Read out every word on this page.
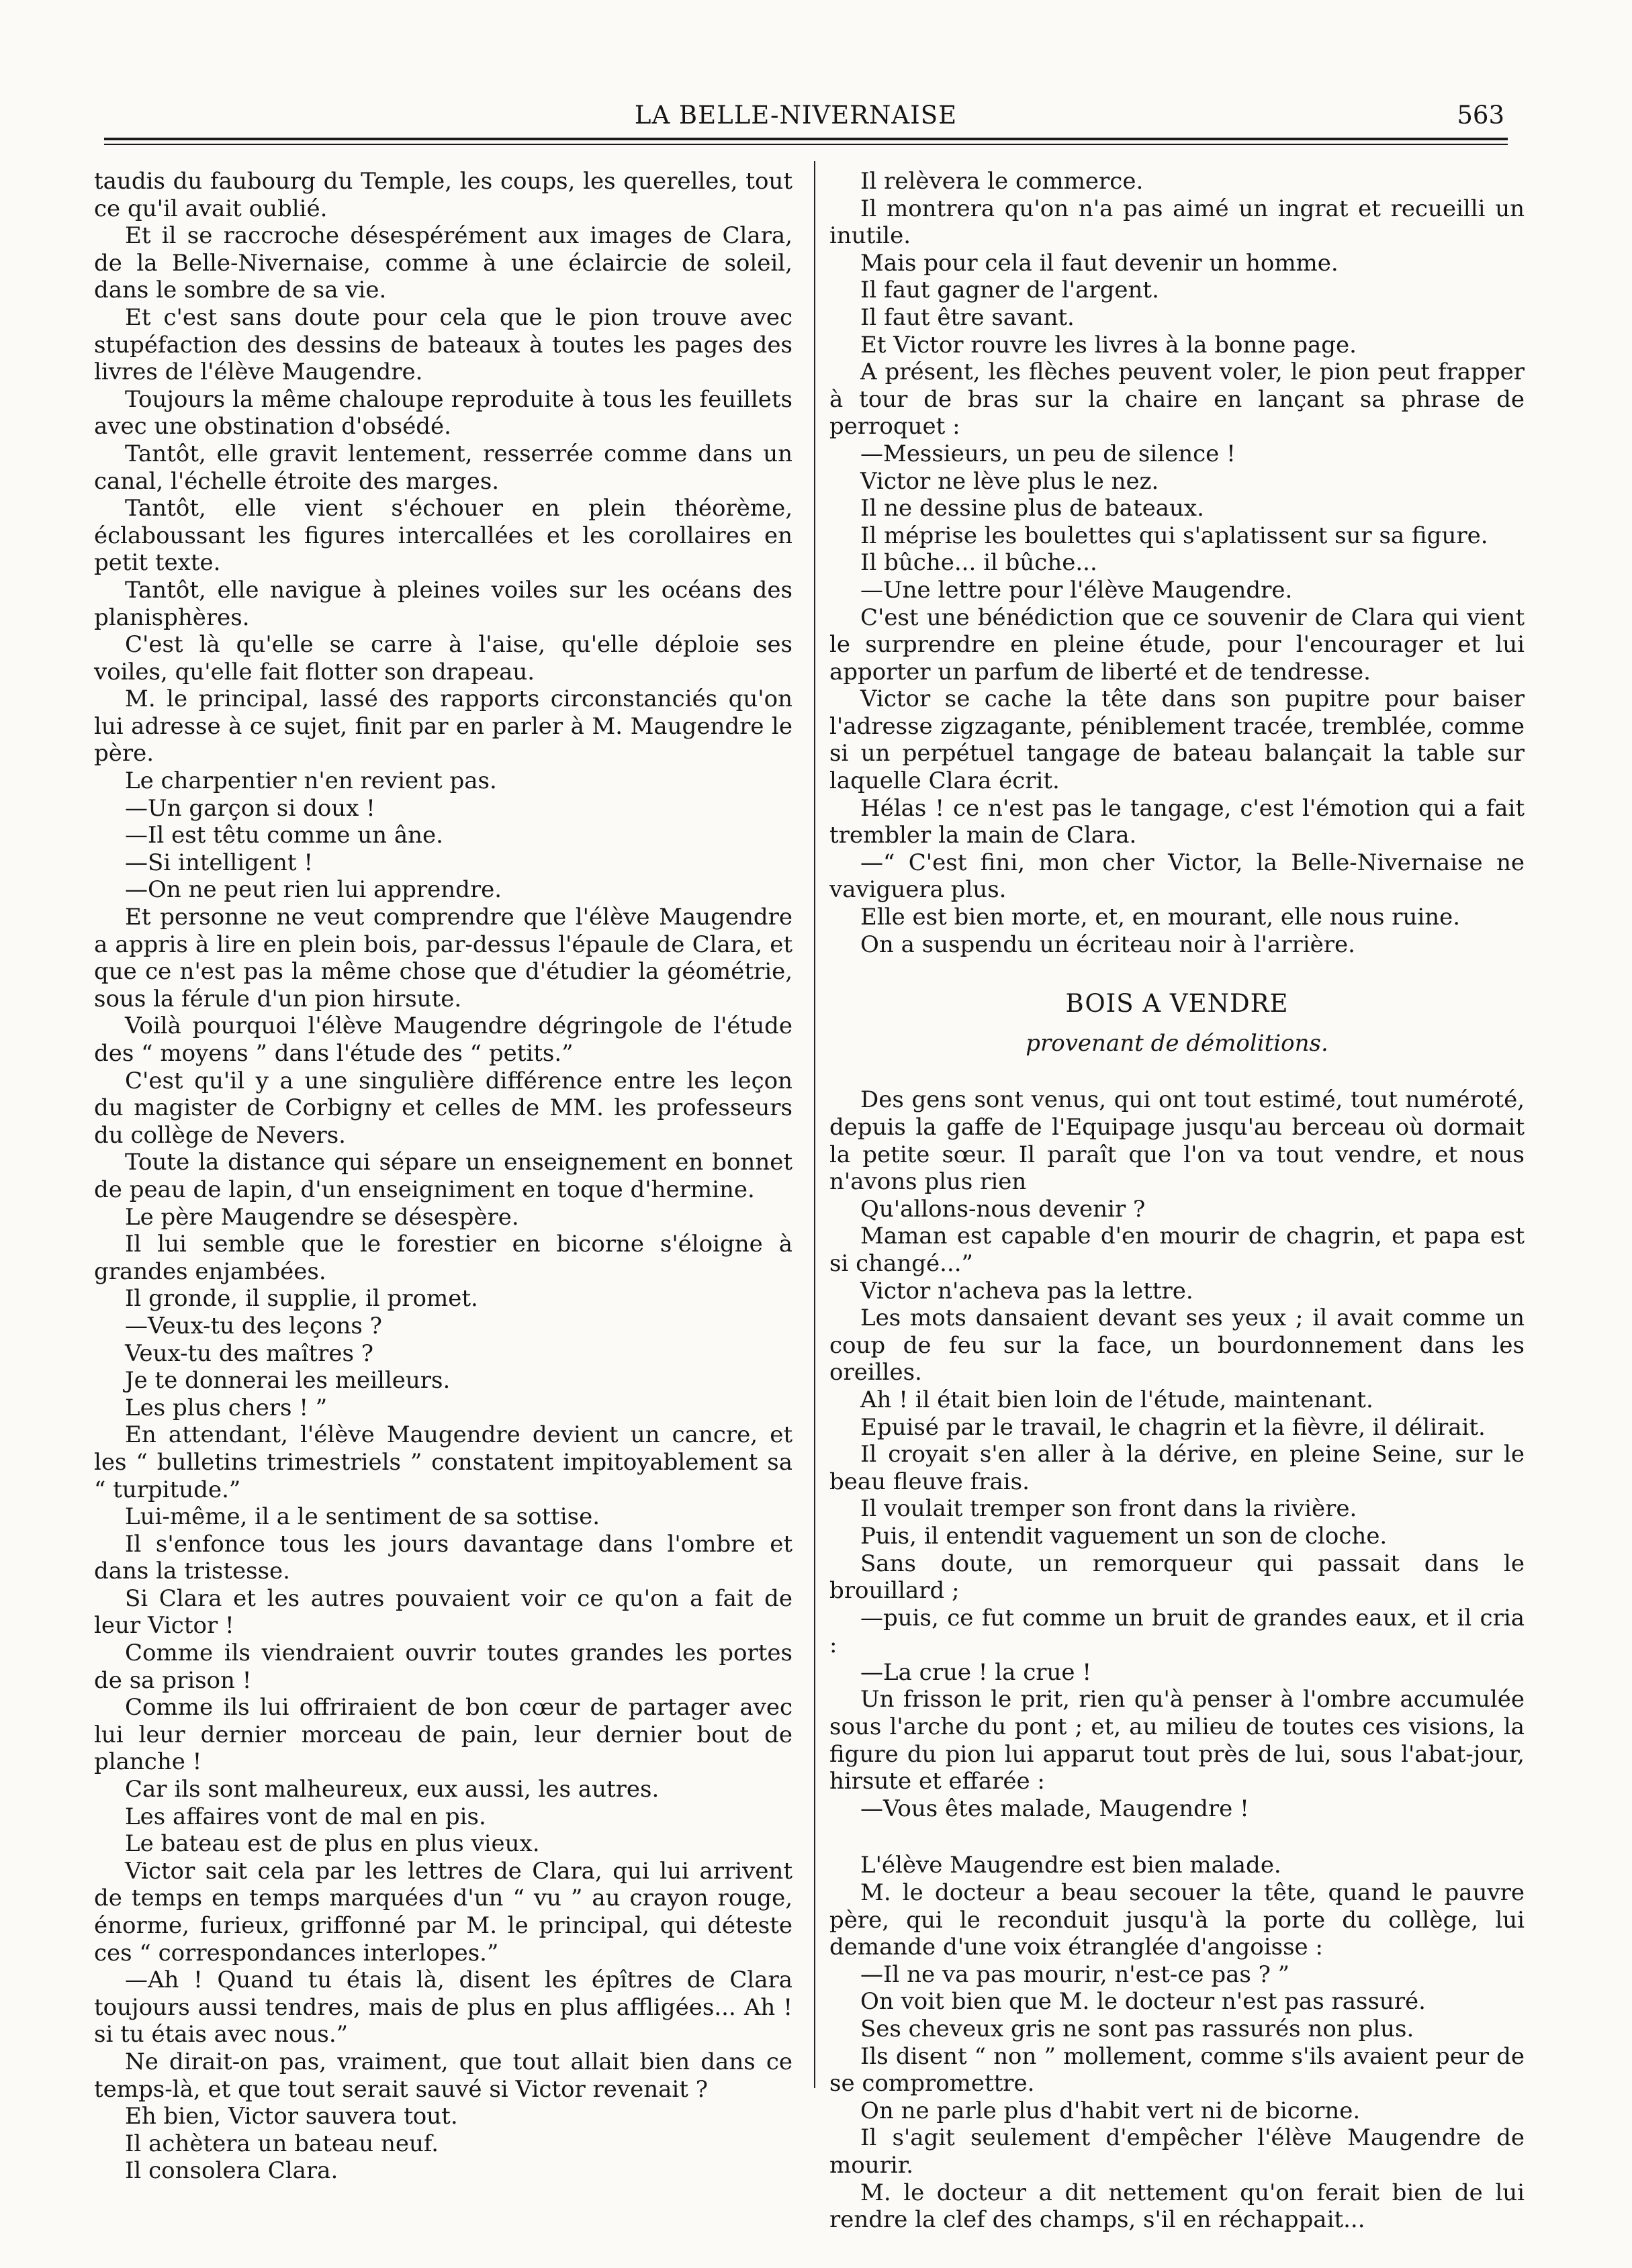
LA BELLE-NIVERNAISE	563

taudis du faubourg du Temple, les coups, les querelles, tout ce qu'il avait oublié.

Et il se raccroche désespérément aux images de Clara, de la Belle-Nivernaise, comme à une éclaircie de soleil, dans le sombre de sa vie.

Et c'est sans doute pour cela que le pion trouve avec stupéfaction des dessins de bateaux à toutes les pages des livres de l'élève Maugendre.

Toujours la même chaloupe reproduite à tous les feuillets avec une obstination d'obsédé.

Tantôt, elle gravit lentement, resserrée comme dans un canal, l'échelle étroite des marges.

Tantôt, elle vient s'échouer en plein théorème, éclaboussant les figures intercallées et les corollaires en petit texte.

Tantôt, elle navigue à pleines voiles sur les océans des planisphères.

C'est là qu'elle se carre à l'aise, qu'elle déploie ses voiles, qu'elle fait flotter son drapeau.

M. le principal, lassé des rapports circonstanciés qu'on lui adresse à ce sujet, finit par en parler à M. Maugendre le père.

Le charpentier n'en revient pas.

—Un garçon si doux !

—Il est têtu comme un âne.

—Si intelligent !

—On ne peut rien lui apprendre.

Et personne ne veut comprendre que l'élève Maugendre a appris à lire en plein bois, par-dessus l'épaule de Clara, et que ce n'est pas la même chose que d'étudier la géométrie, sous la férule d'un pion hirsute.

Voilà pourquoi l'élève Maugendre dégringole de l'étude des “ moyens ” dans l'étude des “ petits.”

C'est qu'il y a une singulière différence entre les leçon du magister de Corbigny et celles de MM. les professeurs du collège de Nevers.

Toute la distance qui sépare un enseignement en bonnet de peau de lapin, d'un enseigniment en toque d'hermine.

Le père Maugendre se désespère.

Il lui semble que le forestier en bicorne s'éloigne à grandes enjambées.

Il gronde, il supplie, il promet.

—Veux-tu des leçons ?

Veux-tu des maîtres ?

Je te donnerai les meilleurs.

Les plus chers ! ”

En attendant, l'élève Maugendre devient un cancre, et les “ bulletins trimestriels ” constatent impitoyablement sa “ turpitude.”

Lui-même, il a le sentiment de sa sottise.

Il s'enfonce tous les jours davantage dans l'ombre et dans la tristesse.

Si Clara et les autres pouvaient voir ce qu'on a fait de leur Victor !

Comme ils viendraient ouvrir toutes grandes les portes de sa prison !

Comme ils lui offriraient de bon cœur de partager avec lui leur dernier morceau de pain, leur dernier bout de planche !

Car ils sont malheureux, eux aussi, les autres.

Les affaires vont de mal en pis.

Le bateau est de plus en plus vieux.

Victor sait cela par les lettres de Clara, qui lui arrivent de temps en temps marquées d'un “ vu ” au crayon rouge, énorme, furieux, griffonné par M. le principal, qui déteste ces “ correspondances interlopes.”

—Ah ! Quand tu étais là, disent les épîtres de Clara toujours aussi tendres, mais de plus en plus affligées... Ah ! si tu étais avec nous.”

Ne dirait-on pas, vraiment, que tout allait bien dans ce temps-là, et que tout serait sauvé si Victor revenait ?

Eh bien, Victor sauvera tout.

Il achètera un bateau neuf.

Il consolera Clara.

Il relèvera le commerce.

Il montrera qu'on n'a pas aimé un ingrat et recueilli un inutile.

Mais pour cela il faut devenir un homme.

Il faut gagner de l'argent.

Il faut être savant.

Et Victor rouvre les livres à la bonne page.

A présent, les flèches peuvent voler, le pion peut frapper à tour de bras sur la chaire en lançant sa phrase de perroquet :

—Messieurs, un peu de silence !

Victor ne lève plus le nez.

Il ne dessine plus de bateaux.

Il méprise les boulettes qui s'aplatissent sur sa figure.

Il bûche... il bûche...

—Une lettre pour l'élève Maugendre.

C'est une bénédiction que ce souvenir de Clara qui vient le surprendre en pleine étude, pour l'encourager et lui apporter un parfum de liberté et de tendresse.

Victor se cache la tête dans son pupitre pour baiser l'adresse zigzagante, péniblement tracée, tremblée, comme si un perpétuel tangage de bateau balançait la table sur laquelle Clara écrit.

Hélas ! ce n'est pas le tangage, c'est l'émotion qui a fait trembler la main de Clara.

—“ C'est fini, mon cher Victor, la Belle-Nivernaise ne vaviguera plus.

Elle est bien morte, et, en mourant, elle nous ruine.

On a suspendu un écriteau noir à l'arrière.

BOIS A VENDRE

provenant de démolitions.

Des gens sont venus, qui ont tout estimé, tout numéroté, depuis la gaffe de l'Equipage jusqu'au berceau où dormait la petite sœur. Il paraît que l'on va tout vendre, et nous n'avons plus rien

Qu'allons-nous devenir ?

Maman est capable d'en mourir de chagrin, et papa est si changé...”

Victor n'acheva pas la lettre.

Les mots dansaient devant ses yeux ; il avait comme un coup de feu sur la face, un bourdonnement dans les oreilles.

Ah ! il était bien loin de l'étude, maintenant.

Epuisé par le travail, le chagrin et la fièvre, il délirait.

Il croyait s'en aller à la dérive, en pleine Seine, sur le beau fleuve frais.

Il voulait tremper son front dans la rivière.

Puis, il entendit vaguement un son de cloche.

Sans doute, un remorqueur qui passait dans le brouillard ;

—puis, ce fut comme un bruit de grandes eaux, et il cria :

—La crue ! la crue !

Un frisson le prit, rien qu'à penser à l'ombre accumulée sous l'arche du pont ; et, au milieu de toutes ces visions, la figure du pion lui apparut tout près de lui, sous l'abat-jour, hirsute et effarée :

—Vous êtes malade, Maugendre !

L'élève Maugendre est bien malade.

M. le docteur a beau secouer la tête, quand le pauvre père, qui le reconduit jusqu'à la porte du collège, lui demande d'une voix étranglée d'angoisse :

—Il ne va pas mourir, n'est-ce pas ? ”

On voit bien que M. le docteur n'est pas rassuré.

Ses cheveux gris ne sont pas rassurés non plus.

Ils disent “ non ” mollement, comme s'ils avaient peur de se compromettre.

On ne parle plus d'habit vert ni de bicorne.

Il s'agit seulement d'empêcher l'élève Maugendre de mourir.

M. le docteur a dit nettement qu'on ferait bien de lui rendre la clef des champs, s'il en réchappait...
